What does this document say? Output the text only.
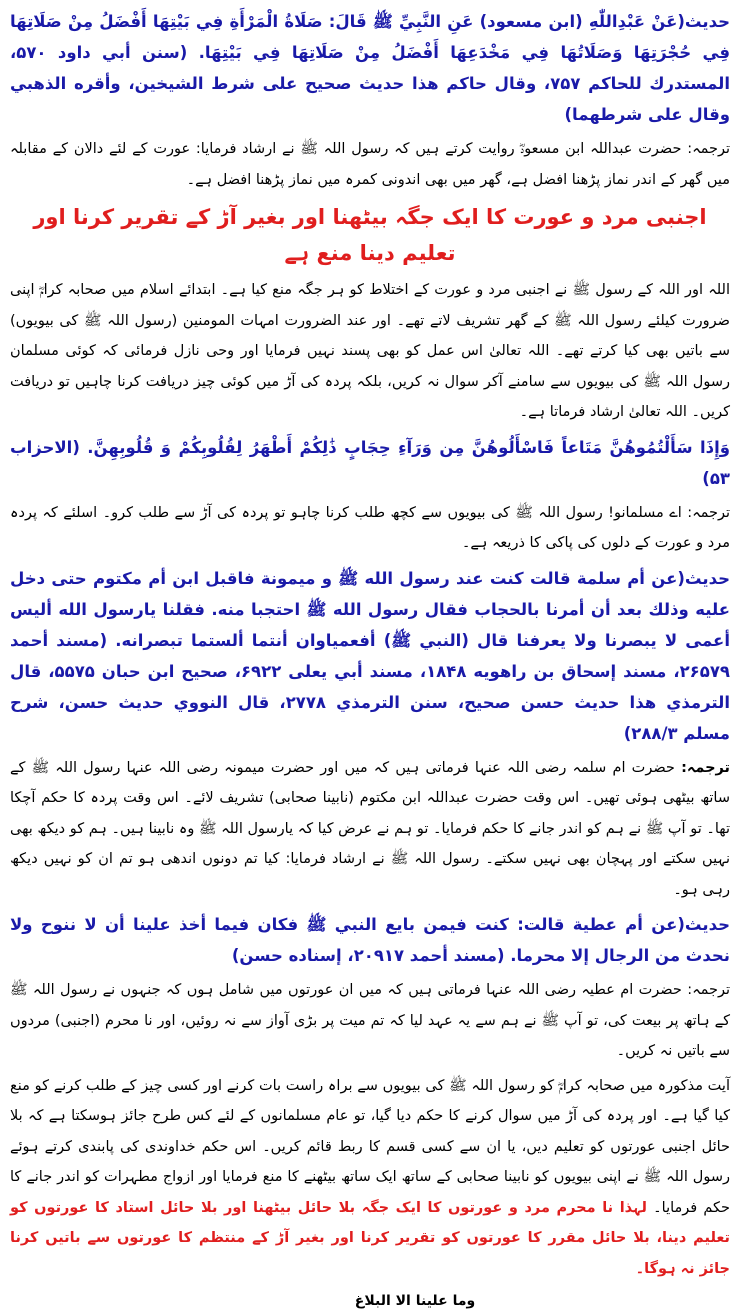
حديث(عَنْ عَبْدِاللّٰهِ (ابن مسعود) عَنِ النَّبِيِّ ﷺ قَالَ: صَلَاةُ الْمَرْأَةِ فِي بَيْتِهَا أَفْضَلُ مِنْ صَلَاتِهَا فِي حُجْرَتِهَا وَصَلَاتُهَا فِي مَخْدَعِهَا أَفْضَلُ مِنْ صَلَاتِهَا فِي بَيْتِهَا. (سنن أبي داود ۵۷۰، المستدرك للحاكم ۷۵۷، وقال حاكم هذا حديث صحيح على شرط الشيخين، وأقره الذهبي وقال على شرطهما)

ترجمہ: حضرت عبداللہ ابن مسعودؓ روایت کرتے ہیں کہ رسول اللہ ﷺ نے ارشاد فرمایا: عورت کے لئے دالان کے مقابلہ میں گھر کے اندر نماز پڑھنا افضل ہے، گھر میں بھی اندونی کمرہ میں نماز پڑھنا افضل ہے۔

اجنبی مرد و عورت کا ایک جگہ بیٹھنا اور بغیر آڑ کے تقریر کرنا اور تعلیم دینا منع ہے

اللہ اور اللہ کے رسول ﷺ نے اجنبی مرد و عورت کے اختلاط کو ہر جگہ منع کیا ہے۔ ابتدائے اسلام میں صحابہ کرامؓ اپنی ضرورت کیلئے رسول اللہ ﷺ کے گھر تشریف لاتے تھے۔ اور عند الضرورت امہات المومنین (رسول اللہ ﷺ کی بیویوں) سے باتیں بھی کیا کرتے تھے۔ اللہ تعالیٰ اس عمل کو بھی پسند نہیں فرمایا اور وحی نازل فرمائی کہ کوئی مسلمان رسول اللہ ﷺ کی بیویوں سے سامنے آکر سوال نہ کریں، بلکہ پردہ کی آڑ میں کوئی چیز دریافت کرنا چاہیں تو دریافت کریں۔ اللہ تعالیٰ ارشاد فرماتا ہے۔

وَإِذَا سَأَلْتُمُوهُنَّ مَتَاعاً فَاسْأَلُوهُنَّ مِن وَرَآءِ حِجَابٍ ذَٰلِكُمْ أَطْهَرُ لِقُلُوبِكُمْ وَ قُلُوبِهِنَّ. (الاحزاب ۵۳)

ترجمہ: اے مسلمانو! رسول اللہ ﷺ کی بیویوں سے کچھ طلب کرنا چاہو تو پردہ کی آڑ سے طلب کرو۔ اسلئے کہ پردہ مرد و عورت کے دلوں کی پاکی کا ذریعہ ہے۔

حديث(عن أم سلمة قالت كنت عند رسول الله ﷺ و ميمونة فاقبل ابن أم مكتوم حتى دخل عليه وذلك بعد أن أمرنا بالحجاب فقال رسول الله ﷺ احتجبا منه. فقلنا يارسول الله أليس أعمى لا يبصرنا ولا يعرفنا قال (النبي ﷺ) أفعمياوان أنتما ألستما تبصرانه. (مسند أحمد ۲۶۵۷۹، مسند إسحاق بن راهويه ۱۸۴۸، مسند أبي يعلى ۶۹۲۲، صحيح ابن حبان ۵۵۷۵، قال الترمذي هذا حديث حسن صحيح، سنن الترمذي ۲۷۷۸، قال النووي حديث حسن، شرح مسلم ۲۸۸/۳)

ترجمہ: حضرت ام سلمہ رضی اللہ عنہا فرماتی ہیں کہ میں اور حضرت میمونہ رضی اللہ عنہا رسول اللہ ﷺ کے ساتھ بیٹھی ہوئی تھیں۔ اس وقت حضرت عبداللہ ابن مکتوم (نابینا صحابی) تشریف لائے۔ اس وقت پردہ کا حکم آچکا تھا۔ تو آپ ﷺ نے ہم کو اندر جانے کا حکم فرمایا۔ تو ہم نے عرض کیا کہ یارسول اللہ ﷺ وہ نابینا ہیں۔ ہم کو دیکھ بھی نہیں سکتے اور پہچان بھی نہیں سکتے۔ رسول اللہ ﷺ نے ارشاد فرمایا: کیا تم دونوں اندھی ہو تم ان کو نہیں دیکھ رہی ہو۔

حديث(عن أم عطية قالت: كنت فيمن بايع النبي ﷺ فكان فيما أخذ علينا أن لا ننوح ولا نحدث من الرجال إلا محرما. (مسند أحمد ۲۰۹۱۷، إسناده حسن)

ترجمہ: حضرت ام عطیہ رضی اللہ عنہا فرماتی ہیں کہ میں ان عورتوں میں شامل ہوں کہ جنہوں نے رسول اللہ ﷺ کے ہاتھ پر بیعت کی، تو آپ ﷺ نے ہم سے یہ عہد لیا کہ تم میت پر بڑی آواز سے نہ روئیں، اور نا محرم (اجنبی) مردوں سے باتیں نہ کریں۔

آیت مذکورہ میں صحابہ کرامؓ کو رسول اللہ ﷺ کی بیویوں سے براہ راست بات کرنے اور کسی چیز کے طلب کرنے کو منع کیا گیا ہے۔ اور پردہ کی آڑ میں سوال کرنے کا حکم دیا گیا، تو عام مسلمانوں کے لئے کس طرح جائز ہوسکتا ہے کہ بلا حائل اجنبی عورتوں کو تعلیم دیں، یا ان سے کسی قسم کا ربط قائم کریں۔ اس حکم خداوندی کی پابندی کرتے ہوئے رسول اللہ ﷺ نے اپنی بیویوں کو نابینا صحابی کے ساتھ ایک ساتھ بیٹھنے کا منع فرمایا اور ازواج مطہرات کو اندر جانے کا حکم فرمایا۔ لہذا نا محرم مرد و عورتوں کا ایک جگہ بلا حائل بیٹھنا اور بلا حائل استاد کا عورتوں کو تعلیم دینا، بلا حائل مقرر کا عورتوں کو تقریر کرنا اور بغیر آڑ کے منتظم کا عورتوں سے باتیں کرنا جائز نہ ہوگا۔

وما علينا الا البلاغ
